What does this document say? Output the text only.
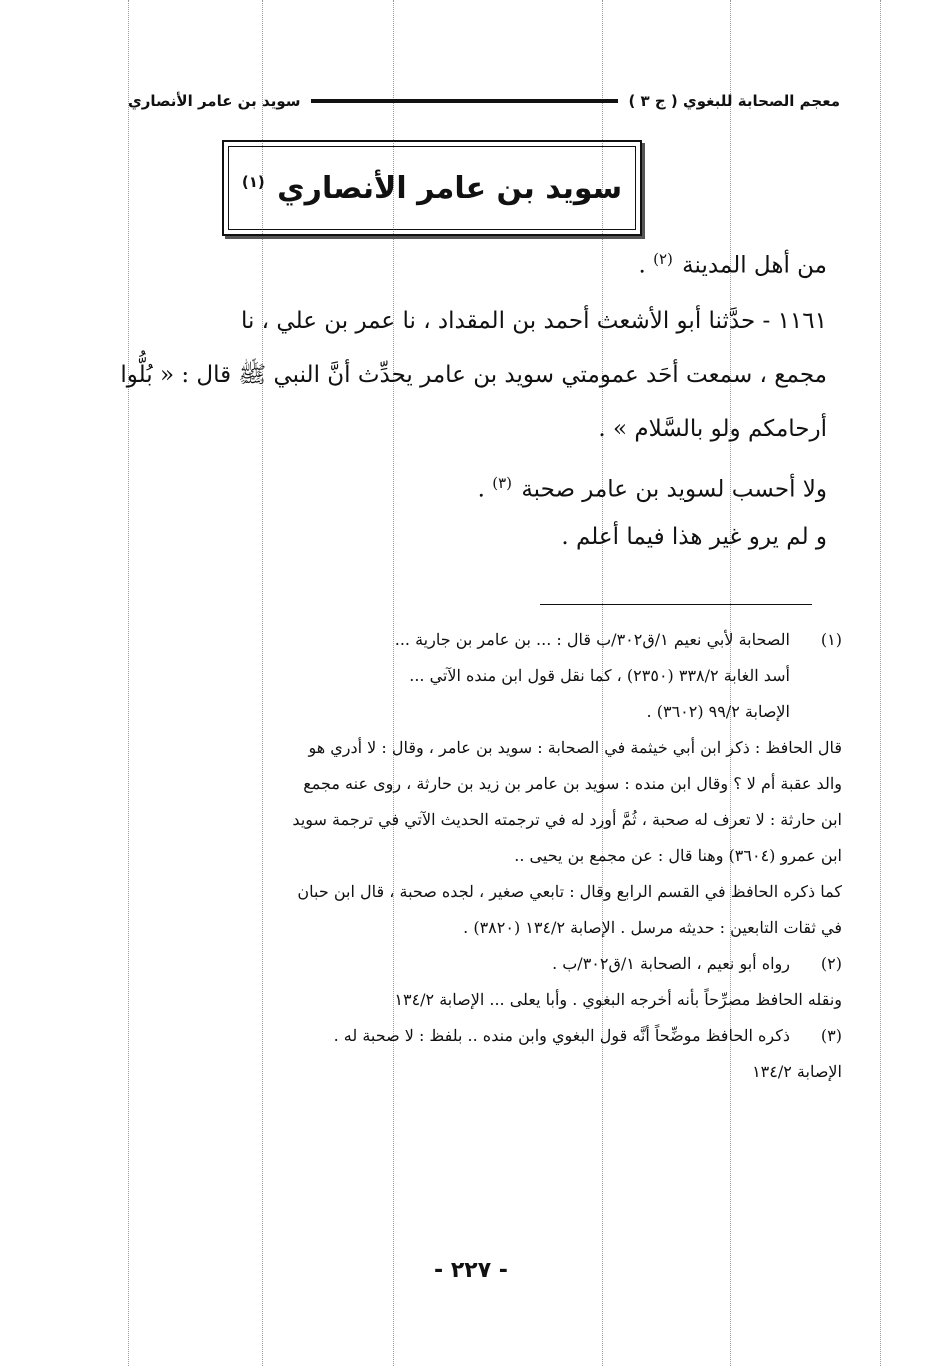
معجم الصحابة للبغوي ( ج ٣ )
سويد بن عامر الأنصاري
سويد بن عامر الأنصاري $^{(١)}$
من أهل المدينة $^{(٢)}$ .
١١٦١ - حدَّثنا أبو الأشعث أحمد بن المقداد ، نا عمر بن علي ، نا
مجمع ، سمعت أحَد عمومتي سويد بن عامر يحدِّث أنَّ النبي ﷺ قال : « بُلُّوا
أرحامكم ولو بالسَّلام » .
ولا أحسب لسويد بن عامر صحبة $^{(٣)}$ .
و لم يرو غير هذا فيما أعلم .
(١)
الصحابة لأبي نعيم ١/ق٣٠٢/ب قال : ... بن عامر بن جارية ...
أسد الغابة ٣٣٨/٢ (٢٣٥٠) ، كما نقل قول ابن منده الآتي ...
الإصابة ٩٩/٢ (٣٦٠٢) .
قال الحافظ : ذكر ابن أبي خيثمة في الصحابة : سويد بن عامر ، وقال : لا أدري هو
والد عقبة أم لا ؟ وقال ابن منده : سويد بن عامر بن زيد بن حارثة ، روى عنه مجمع
ابن حارثة : لا تعرف له صحبة ، ثُمَّ أورد له في ترجمته الحديث الآتي في ترجمة سويد
ابن عمرو (٣٦٠٤) وهنا قال : عن مجمع بن يحيى ..
كما ذكره الحافظ في القسم الرابع وقال : تابعي صغير ، لجده صحبة ، قال ابن حبان
في ثقات التابعين : حديثه مرسل . الإصابة ١٣٤/٢ (٣٨٢٠) .
(٢)
رواه أبو نعيم ، الصحابة ١/ق٣٠٢/ب .
ونقله الحافظ مصرِّحاً بأنه أخرجه البغوي . وأبا يعلى ... الإصابة ١٣٤/٢
(٣)
ذكره الحافظ موضِّحاً أنَّه قول البغوي وابن منده .. بلفظ : لا صحبة له .
الإصابة ١٣٤/٢
- ٢٢٧ -
